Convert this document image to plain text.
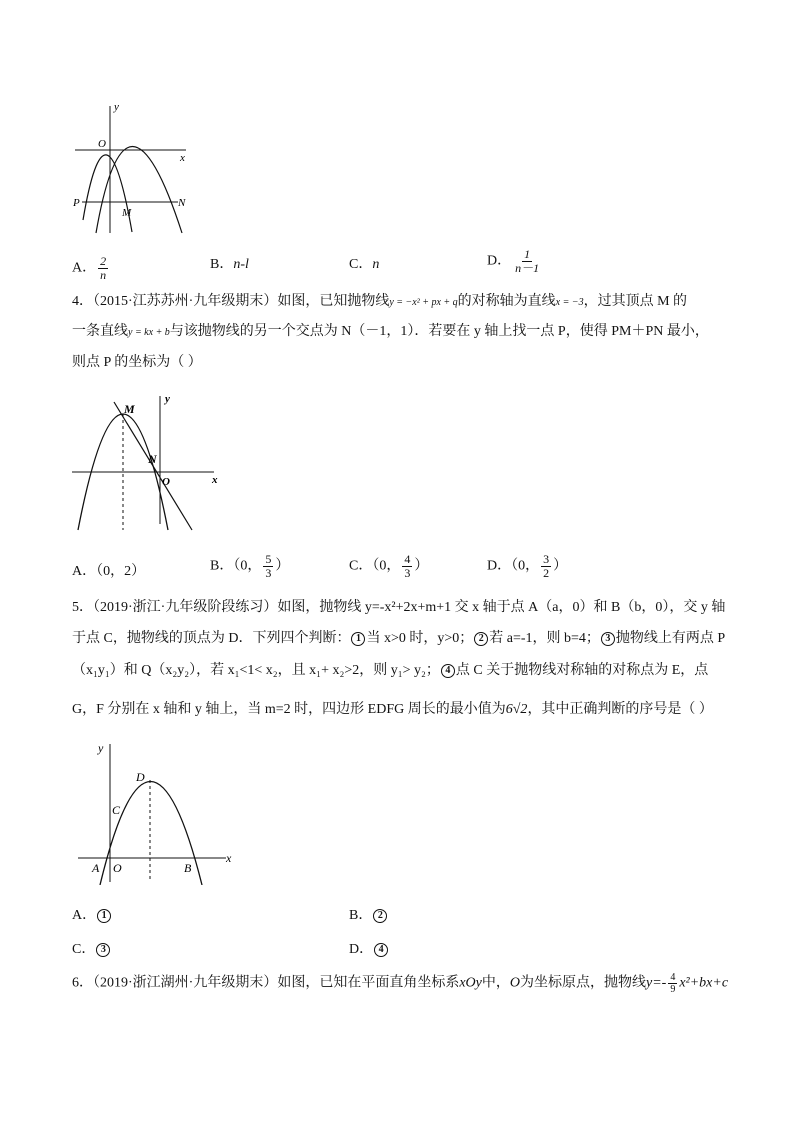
y
x
O
P
M
N
A． $\frac{2}{n}$	B．n-l	C．n	D． $\frac{1}{n-1}$
4．（2015·江苏苏州·九年级期末）如图，已知抛物线y = −x² + px + q的对称轴为直线x = −3，过其顶点 M 的
一条直线y = kx + b与该抛物线的另一个交点为 N（－1，1）．若要在 y 轴上找一点 P，使得 PM＋PN 最小，
则点 P 的坐标为（ ）
M
y
N
O	x
A．（0，2）	B．（0， $\frac{5}{3}$ ）	C．（0， $\frac{4}{3}$ ）	D．（0， $\frac{3}{2}$ ）
5．（2019·浙江·九年级阶段练习）如图，抛物线 y=-x²+2x+m+1 交 x 轴于点 A（a，0）和 B（b，0），交 y 轴
于点 C，抛物线的顶点为 D．下列四个判断： 1 当 x>0 时，y>0； 2 若 a=-1，则 b=4； 3 抛物线上有两点 P
（x₁y₁）和 Q（x₂y₂），若 x₁<1< x₂，且 x₁+ x₂>2，则 y₁> y₂； 4 点 C 关于抛物线对称轴的对称点为 E，点
G，F 分别在 x 轴和 y 轴上，当 m=2 时，四边形 EDFG 周长的最小值为6√2，其中正确判断的序号是（ ）
y
D
C
A O	B
x
A． 1	B． 2
C． 3	D． 4
6．（2019·浙江湖州·九年级期末）如图，已知在平面直角坐标系xOy中，O为坐标原点，抛物线$y=- \frac{4}{9} x^2+bx+c$
